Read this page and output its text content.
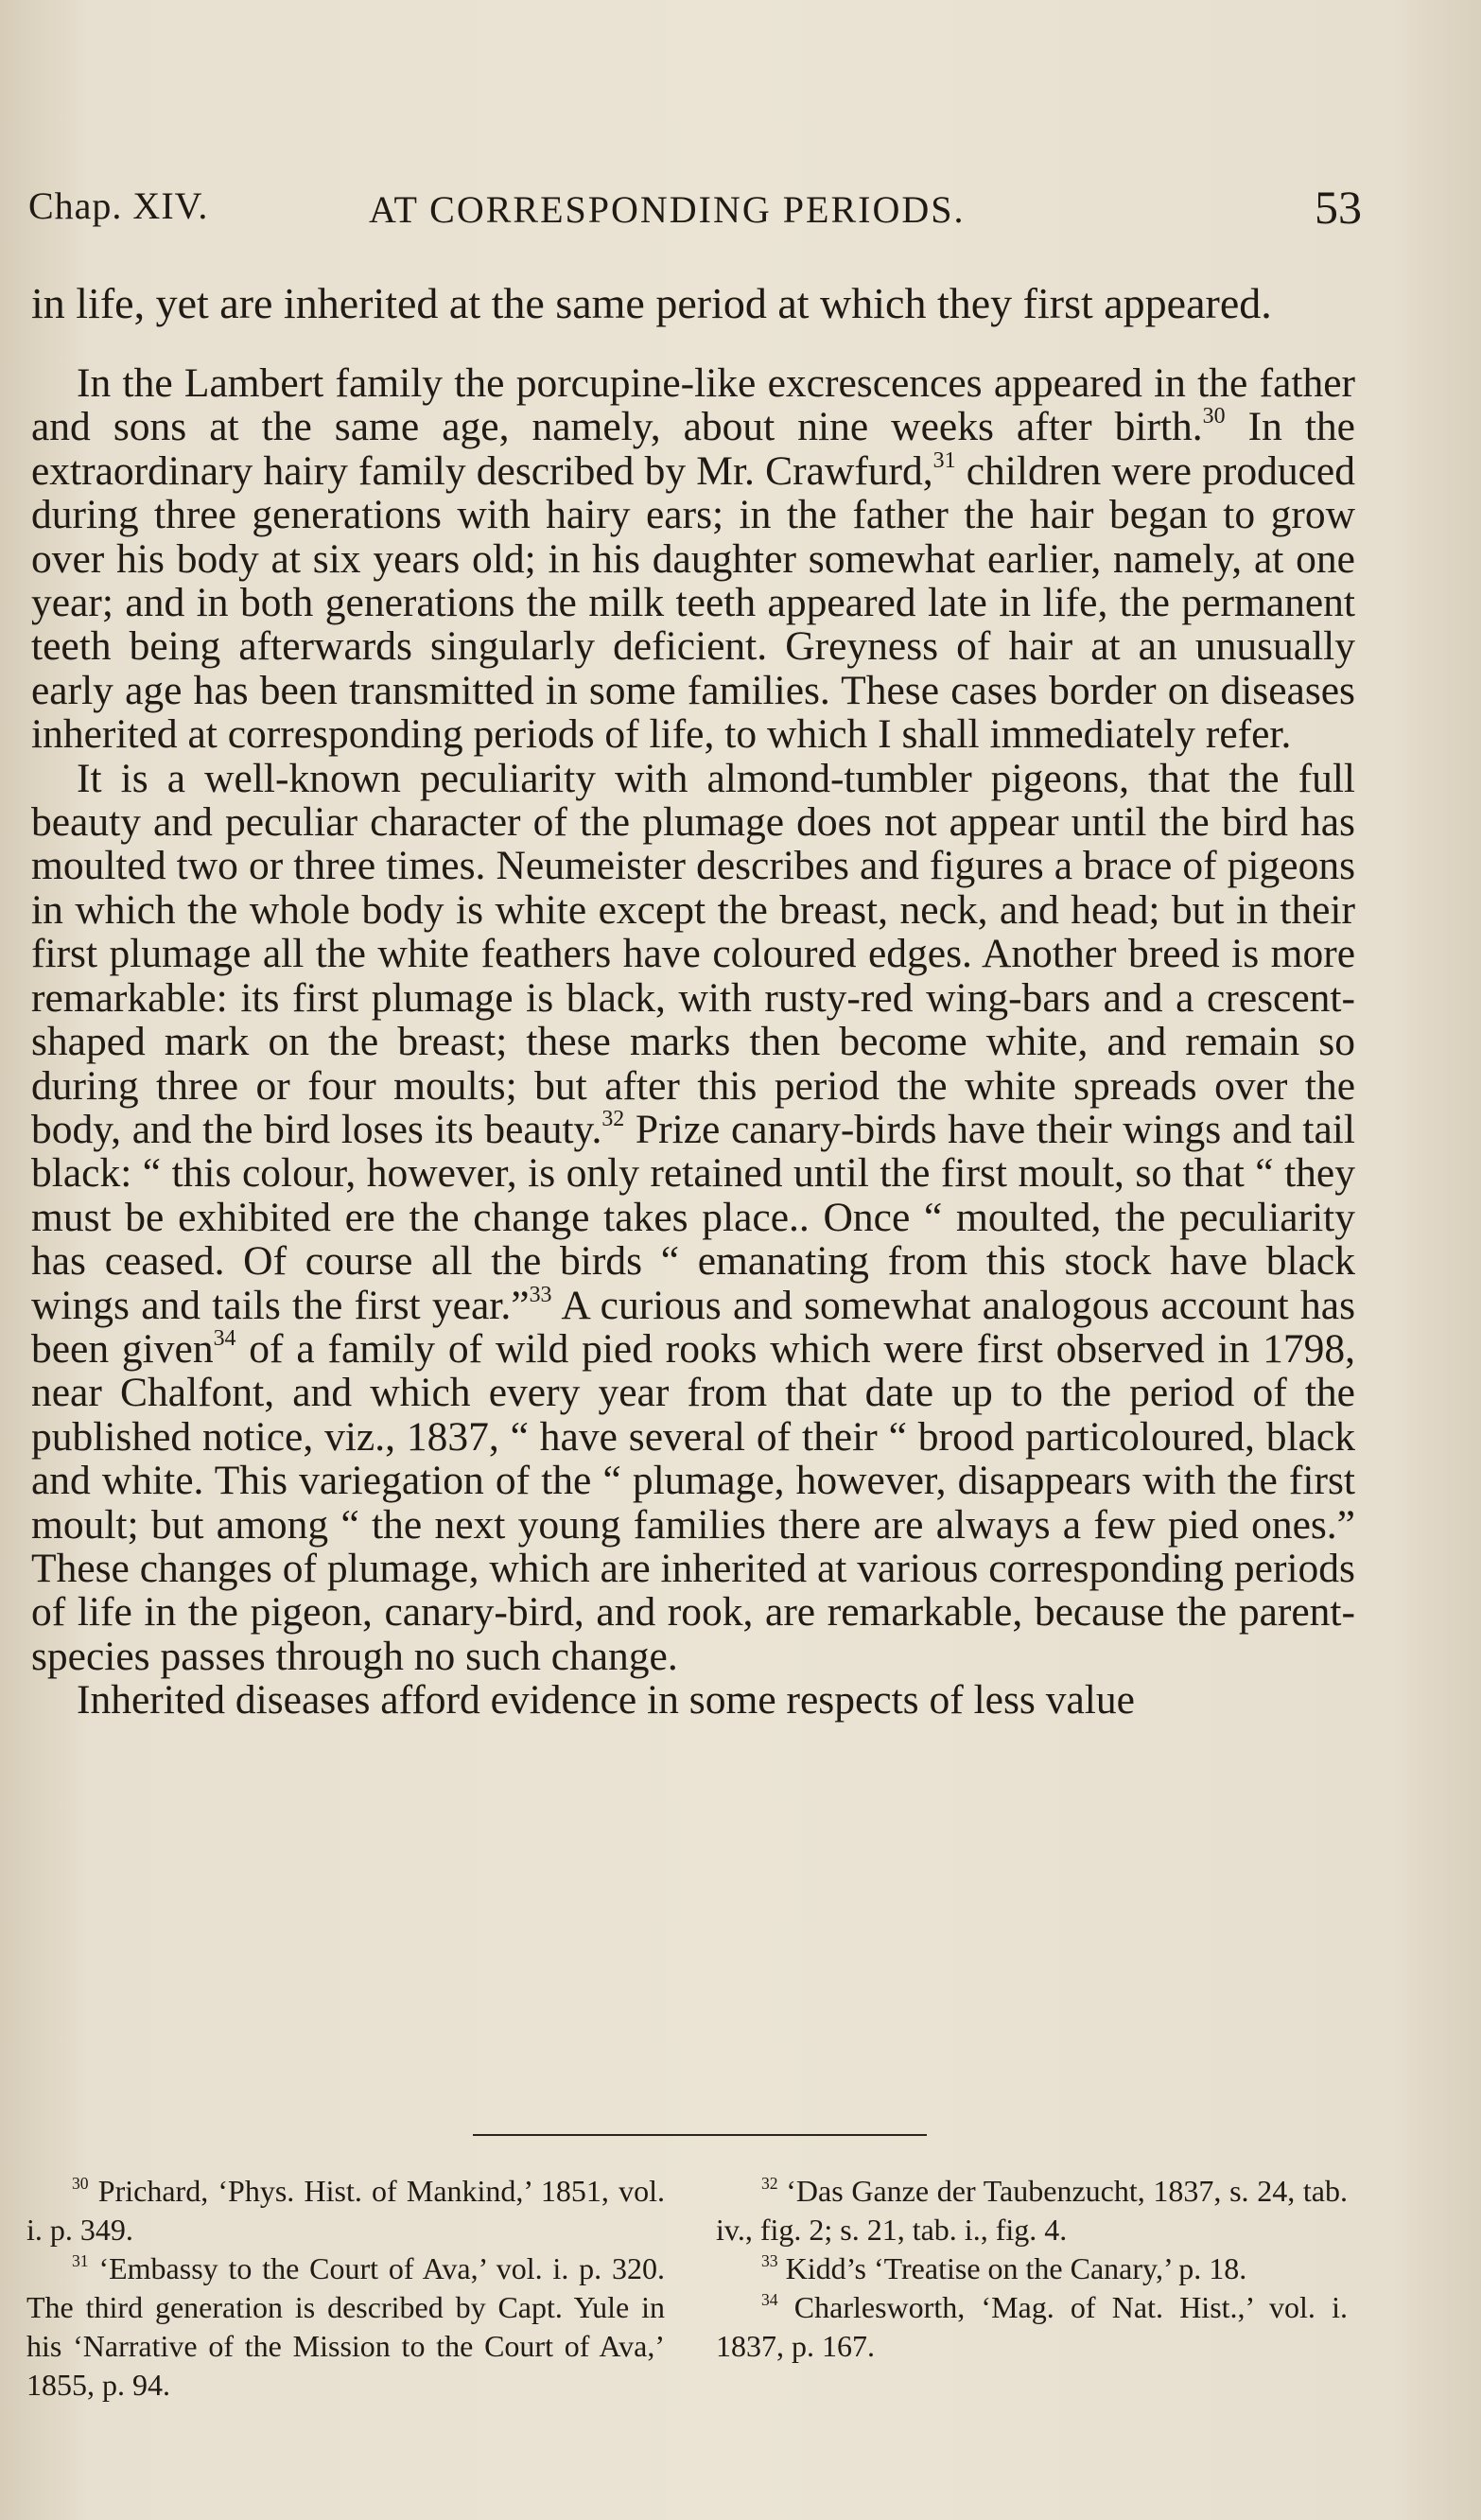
Chap. XIV.	AT CORRESPONDING PERIODS.	53

in life, yet are inherited at the same period at which they first appeared.

In the Lambert family the porcupine-like excrescences appeared in the father and sons at the same age, namely, about nine weeks after birth.$^{30}$ In the extraordinary hairy family described by Mr. Crawfurd,$^{31}$ children were produced during three generations with hairy ears; in the father the hair began to grow over his body at six years old; in his daughter somewhat earlier, namely, at one year; and in both generations the milk teeth appeared late in life, the permanent teeth being afterwards singularly deficient. Greyness of hair at an unusually early age has been transmitted in some families. These cases border on diseases inherited at corresponding periods of life, to which I shall immediately refer.

It is a well-known peculiarity with almond-tumbler pigeons, that the full beauty and peculiar character of the plumage does not appear until the bird has moulted two or three times. Neumeister describes and figures a brace of pigeons in which the whole body is white except the breast, neck, and head; but in their first plumage all the white feathers have coloured edges. Another breed is more remarkable: its first plumage is black, with rusty-red wing-bars and a crescent-shaped mark on the breast; these marks then become white, and remain so during three or four moults; but after this period the white spreads over the body, and the bird loses its beauty.$^{32}$ Prize canary-birds have their wings and tail black: “ this colour, however, is only retained until the first moult, so that “ they must be exhibited ere the change takes place.. Once “ moulted, the peculiarity has ceased. Of course all the birds “ emanating from this stock have black wings and tails the first year.”$^{33}$ A curious and somewhat analogous account has been given$^{34}$ of a family of wild pied rooks which were first observed in 1798, near Chalfont, and which every year from that date up to the period of the published notice, viz., 1837, “ have several of their “ brood particoloured, black and white. This variegation of the “ plumage, however, disappears with the first moult; but among “ the next young families there are always a few pied ones.” These changes of plumage, which are inherited at various corresponding periods of life in the pigeon, canary-bird, and rook, are remarkable, because the parent-species passes through no such change.

Inherited diseases afford evidence in some respects of less value

$^{30}$ Prichard, ‘Phys. Hist. of Mankind,’ 1851, vol. i. p. 349.

$^{31}$ ‘Embassy to the Court of Ava,’ vol. i. p. 320. The third generation is described by Capt. Yule in his ‘Narrative of the Mission to the Court of Ava,’ 1855, p. 94.

$^{32}$ ‘Das Ganze der Taubenzucht, 1837, s. 24, tab. iv., fig. 2; s. 21, tab. i., fig. 4.

$^{33}$ Kidd’s ‘Treatise on the Canary,’ p. 18.

$^{34}$ Charlesworth, ‘Mag. of Nat. Hist.,’ vol. i. 1837, p. 167.
